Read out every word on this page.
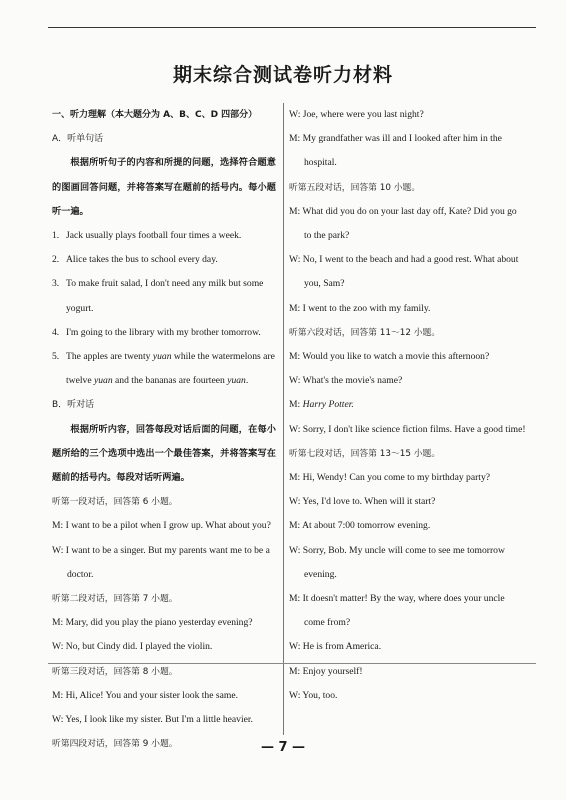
期末综合测试卷听力材料

一、听力理解（本大题分为 A、B、C、D 四部分）

A．听单句话

根据所听句子的内容和所提的问题，选择符合题意的图画回答问题，并将答案写在题前的括号内。每小题听一遍。

1. Jack usually plays football four times a week.

2. Alice takes the bus to school every day.

3. To make fruit salad, I don't need any milk but some yogurt.

4. I'm going to the library with my brother tomorrow.

5. The apples are twenty yuan while the watermelons are twelve yuan and the bananas are fourteen yuan.

B．听对话

根据所听内容，回答每段对话后面的问题，在每小题所给的三个选项中选出一个最佳答案，并将答案写在题前的括号内。每段对话听两遍。

听第一段对话，回答第 6 小题。

M: I want to be a pilot when I grow up. What about you?

W: I want to be a singer. But my parents want me to be a doctor.

听第二段对话，回答第 7 小题。

M: Mary, did you play the piano yesterday evening?

W: No, but Cindy did. I played the violin.

听第三段对话，回答第 8 小题。

M: Hi, Alice! You and your sister look the same.

W: Yes, I look like my sister. But I'm a little heavier.

听第四段对话，回答第 9 小题。

W: Joe, where were you last night?

M: My grandfather was ill and I looked after him in the hospital.

听第五段对话，回答第 10 小题。

M: What did you do on your last day off, Kate? Did you go to the park?

W: No, I went to the beach and had a good rest. What about you, Sam?

M: I went to the zoo with my family.

听第六段对话，回答第 11～12 小题。

M: Would you like to watch a movie this afternoon?

W: What's the movie's name?

M: Harry Potter.

W: Sorry, I don't like science fiction films. Have a good time!

听第七段对话，回答第 13～15 小题。

M: Hi, Wendy! Can you come to my birthday party?

W: Yes, I'd love to. When will it start?

M: At about 7:00 tomorrow evening.

W: Sorry, Bob. My uncle will come to see me tomorrow evening.

M: It doesn't matter! By the way, where does your uncle come from?

W: He is from America.

M: Enjoy yourself!

W: You, too.

— 7 —
